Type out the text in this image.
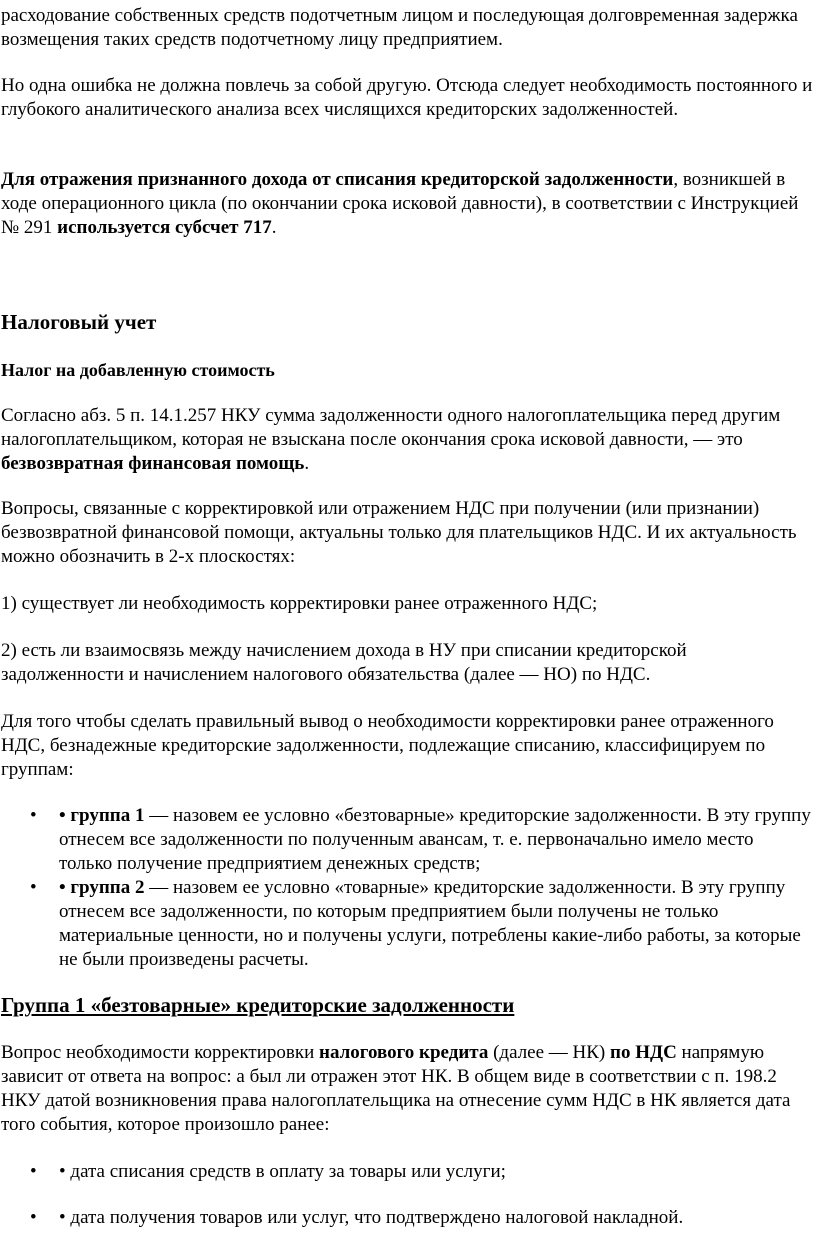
расходование собственных средств подотчетным лицом и последующая долговременная задержка возмещения таких средств подотчетному лицу предприятием.

Но одна ошибка не должна повлечь за собой другую. Отсюда следует необходимость постоянного и глубокого аналитического анализа всех числящихся кредиторских задолженностей.

Для отражения признанного дохода от списания кредиторской задолженности, возникшей в ходе операционного цикла (по окончании срока исковой давности), в соответствии с Инструкцией № 291 используется субсчет 717.

Налоговый учет
Налог на добавленную стоимость

Согласно абз. 5 п. 14.1.257 НКУ сумма задолженности одного налогоплательщика перед другим налогоплательщиком, которая не взыскана после окончания срока исковой давности, — это безвозвратная финансовая помощь.

Вопросы, связанные с корректировкой или отражением НДС при получении (или признании) безвозвратной финансовой помощи, актуальны только для плательщиков НДС. И их актуальность можно обозначить в 2-х плоскостях:

1) существует ли необходимость корректировки ранее отраженного НДС;

2) есть ли взаимосвязь между начислением дохода в НУ при списании кредиторской задолженности и начислением налогового обязательства (далее — НО) по НДС.

Для того чтобы сделать правильный вывод о необходимости корректировки ранее отраженного НДС, безнадежные кредиторские задолженности, подлежащие списанию, классифицируем по группам:

• • группа 1 — назовем ее условно «безтоварные» кредиторские задолженности. В эту группу отнесем все задолженности по полученным авансам, т. е. первоначально имело место только получение предприятием денежных средств;
• • группа 2 — назовем ее условно «товарные» кредиторские задолженности. В эту группу отнесем все задолженности, по которым предприятием были получены не только материальные ценности, но и получены услуги, потреблены какие-либо работы, за которые не были произведены расчеты.
Группа 1 «безтоварные» кредиторские задолженности

Вопрос необходимости корректировки налогового кредита (далее — НК) по НДС напрямую зависит от ответа на вопрос: а был ли отражен этот НК. В общем виде в соответствии с п. 198.2 НКУ датой возникновения права налогоплательщика на отнесение сумм НДС в НК является дата того события, которое произошло ранее:

• • дата списания средств в оплату за товары или услуги;
• • дата получения товаров или услуг, что подтверждено налоговой накладной.
